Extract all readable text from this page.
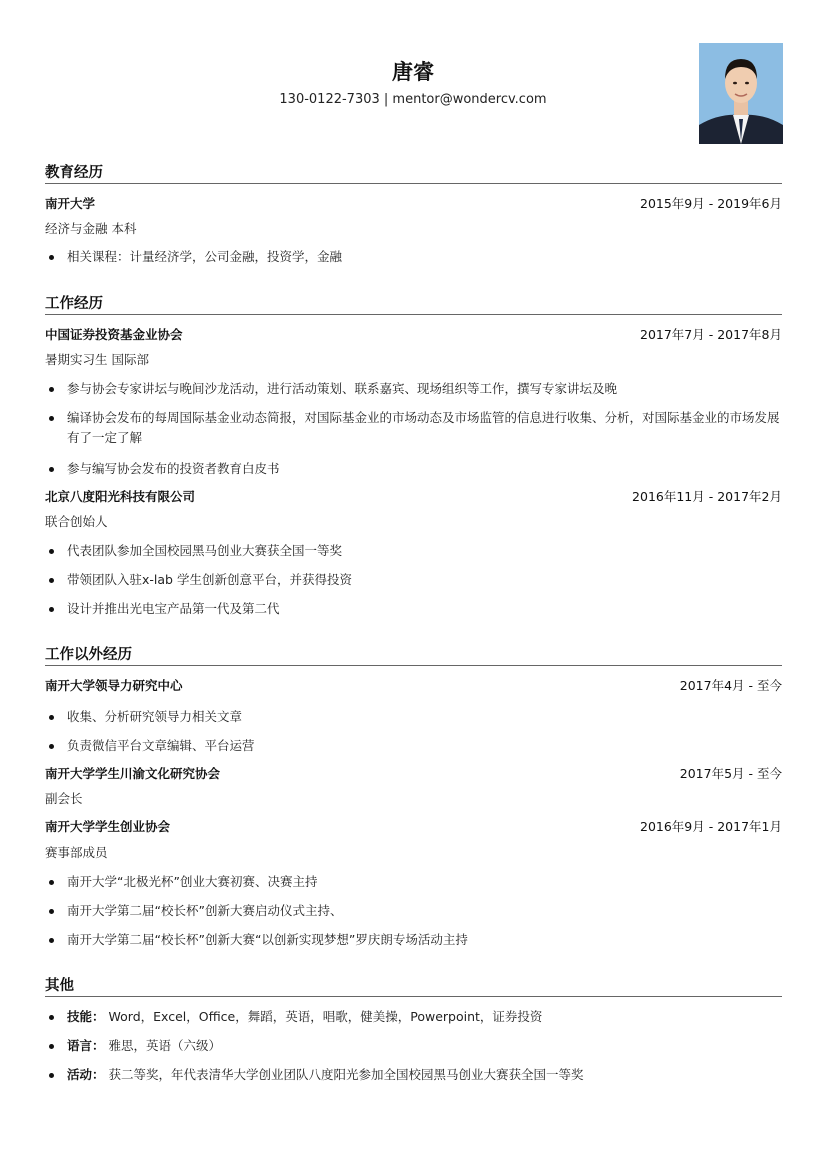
唐睿
130-0122-7303 | mentor@wondercv.com
教育经历
南开大学	2015年9月 - 2019年6月
经济与金融 本科
相关课程：计量经济学，公司金融，投资学，金融
工作经历
中国证券投资基金业协会	2017年7月 - 2017年8月
暑期实习生 国际部
参与协会专家讲坛与晚间沙龙活动，进行活动策划、联系嘉宾、现场组织等工作，撰写专家讲坛及晚
编译协会发布的每周国际基金业动态简报，对国际基金业的市场动态及市场监管的信息进行收集、分析，对国际基金业的市场发展有了一定了解
参与编写协会发布的投资者教育白皮书
北京八度阳光科技有限公司	2016年11月 - 2017年2月
联合创始人
代表团队参加全国校园黑马创业大赛获全国一等奖
带领团队入驻x-lab 学生创新创意平台，并获得投资
设计并推出光电宝产品第一代及第二代
工作以外经历
南开大学领导力研究中心	2017年4月 - 至今
收集、分析研究领导力相关文章
负责微信平台文章编辑、平台运营
南开大学学生川渝文化研究协会	2017年5月 - 至今
副会长
南开大学学生创业协会	2016年9月 - 2017年1月
赛事部成员
南开大学“北极光杯”创业大赛初赛、决赛主持
南开大学第二届“校长杯”创新大赛启动仪式主持、
南开大学第二届“校长杯”创新大赛“以创新实现梦想”罗庆朗专场活动主持
其他
技能： Word，Excel，Office，舞蹈，英语，唱歌，健美操，Powerpoint，证券投资
语言： 雅思，英语（六级）
活动： 获二等奖，年代表清华大学创业团队八度阳光参加全国校园黑马创业大赛获全国一等奖
